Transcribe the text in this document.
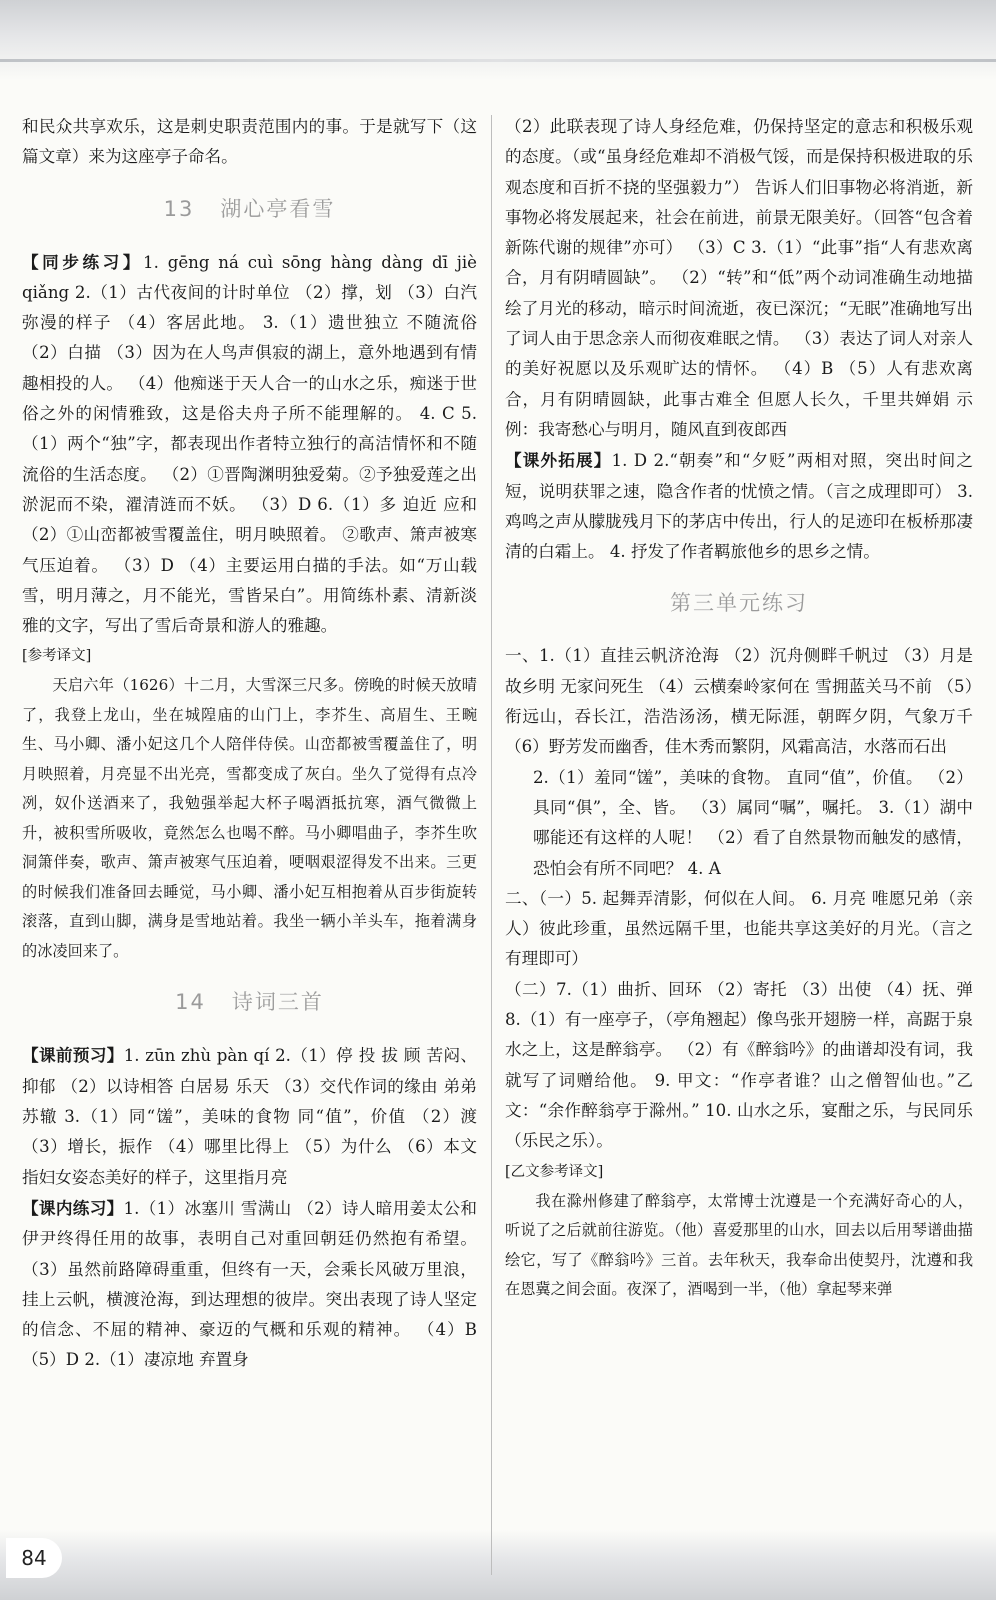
和民众共享欢乐，这是刺史职责范围内的事。于是就写下（这篇文章）来为这座亭子命名。

13 湖心亭看雪

【同步练习】1. gēng ná cuì sōng hàng dàng dī jiè qiǎng 2.（1）古代夜间的计时单位 （2）撑，划 （3）白汽弥漫的样子 （4）客居此地。 3.（1）遗世独立 不随流俗 （2）白描 （3）因为在人鸟声俱寂的湖上，意外地遇到有情趣相投的人。 （4）他痴迷于天人合一的山水之乐，痴迷于世俗之外的闲情雅致，这是俗夫舟子所不能理解的。 4. C 5.（1）两个“独”字，都表现出作者特立独行的高洁情怀和不随流俗的生活态度。 （2）①晋陶渊明独爱菊。②予独爱莲之出淤泥而不染，濯清涟而不妖。 （3）D 6.（1）多 迫近 应和 （2）①山峦都被雪覆盖住，明月映照着。 ②歌声、箫声被寒气压迫着。 （3）D （4）主要运用白描的手法。如“万山载雪，明月薄之，月不能光，雪皆呆白”。用简练朴素、清新淡雅的文字，写出了雪后奇景和游人的雅趣。

[参考译文]

天启六年（1626）十二月，大雪深三尺多。傍晚的时候天放晴了，我登上龙山，坐在城隍庙的山门上，李芥生、高眉生、王畹生、马小卿、潘小妃这几个人陪伴侍侯。山峦都被雪覆盖住了，明月映照着，月亮显不出光亮，雪都变成了灰白。坐久了觉得有点冷冽，奴仆送酒来了，我勉强举起大杯子喝酒抵抗寒，酒气微微上升，被积雪所吸收，竟然怎么也喝不醉。马小卿唱曲子，李芥生吹洞箫伴奏，歌声、箫声被寒气压迫着，哽咽艰涩得发不出来。三更的时候我们准备回去睡觉，马小卿、潘小妃互相抱着从百步街旋转滚落，直到山脚，满身是雪地站着。我坐一辆小羊头车，拖着满身的冰凌回来了。

14 诗词三首

【课前预习】1. zūn zhù pàn qí 2.（1）停 投 拔 顾 苦闷、抑郁 （2）以诗相答 白居易 乐天 （3）交代作词的缘由 弟弟 苏辙 3.（1）同“馐”，美味的食物 同“值”，价值 （2）渡 （3）增长，振作 （4）哪里比得上 （5）为什么 （6）本文指妇女姿态美好的样子，这里指月亮

【课内练习】1.（1）冰塞川 雪满山 （2）诗人暗用姜太公和伊尹终得任用的故事，表明自己对重回朝廷仍然抱有希望。 （3）虽然前路障碍重重，但终有一天，会乘长风破万里浪，挂上云帆，横渡沧海，到达理想的彼岸。突出表现了诗人坚定的信念、不屈的精神、豪迈的气概和乐观的精神。 （4）B （5）D 2.（1）凄凉地 弃置身

（2）此联表现了诗人身经危难，仍保持坚定的意志和积极乐观的态度。（或“虽身经危难却不消极气馁，而是保持积极进取的乐观态度和百折不挠的坚强毅力”） 告诉人们旧事物必将消逝，新事物必将发展起来，社会在前进，前景无限美好。（回答“包含着新陈代谢的规律”亦可） （3）C 3.（1）“此事”指“人有悲欢离合，月有阴晴圆缺”。 （2）“转”和“低”两个动词准确生动地描绘了月光的移动，暗示时间流逝，夜已深沉；“无眠”准确地写出了词人由于思念亲人而彻夜难眠之情。 （3）表达了词人对亲人的美好祝愿以及乐观旷达的情怀。 （4）B （5）人有悲欢离合，月有阴晴圆缺，此事古难全 但愿人长久，千里共婵娟 示例：我寄愁心与明月，随风直到夜郎西

【课外拓展】1. D 2.“朝奏”和“夕贬”两相对照，突出时间之短，说明获罪之速，隐含作者的忧愤之情。（言之成理即可） 3. 鸡鸣之声从朦胧残月下的茅店中传出，行人的足迹印在板桥那凄清的白霜上。 4. 抒发了作者羁旅他乡的思乡之情。

第三单元练习

一、1.（1）直挂云帆济沧海 （2）沉舟侧畔千帆过 （3）月是故乡明 无家问死生 （4）云横秦岭家何在 雪拥蓝关马不前 （5）衔远山，吞长江，浩浩汤汤，横无际涯，朝晖夕阴，气象万千 （6）野芳发而幽香，佳木秀而繁阴，风霜高洁，水落而石出

2.（1）羞同“馐”，美味的食物。 直同“值”，价值。 （2）具同“俱”，全、皆。 （3）属同“嘱”，嘱托。 3.（1）湖中哪能还有这样的人呢！ （2）看了自然景物而触发的感情，恐怕会有所不同吧？ 4. A

二、（一）5. 起舞弄清影，何似在人间。 6. 月亮 唯愿兄弟（亲人）彼此珍重，虽然远隔千里，也能共享这美好的月光。（言之有理即可）

（二）7.（1）曲折、回环 （2）寄托 （3）出使 （4）抚、弹 8.（1）有一座亭子，（亭角翘起）像鸟张开翅膀一样，高踞于泉水之上，这是醉翁亭。 （2）有《醉翁吟》的曲谱却没有词，我就写了词赠给他。 9. 甲文：“作亭者谁？山之僧智仙也。”乙文：“余作醉翁亭于滁州。” 10. 山水之乐，宴酣之乐，与民同乐（乐民之乐）。

[乙文参考译文]

我在滁州修建了醉翁亭，太常博士沈遵是一个充满好奇心的人，听说了之后就前往游览。（他）喜爱那里的山水，回去以后用琴谱曲描绘它，写了《醉翁吟》三首。去年秋天，我奉命出使契丹，沈遵和我在恩冀之间会面。夜深了，酒喝到一半，（他）拿起琴来弹

84
